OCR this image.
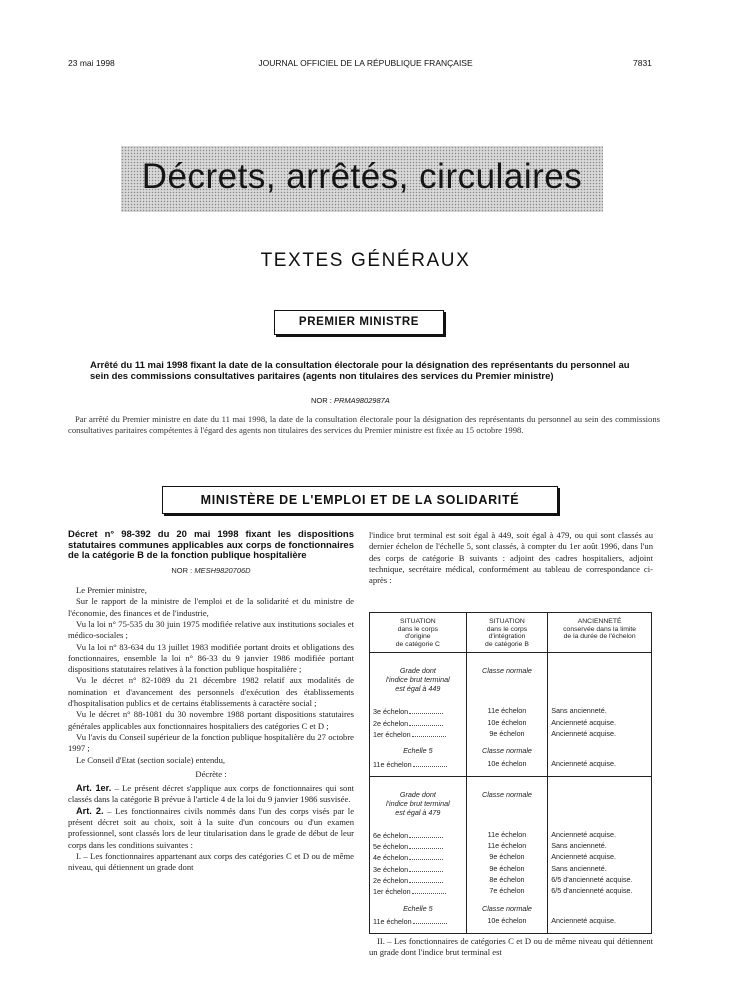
23 mai 1998	JOURNAL OFFICIEL DE LA RÉPUBLIQUE FRANÇAISE	7831
Décrets, arrêtés, circulaires
TEXTES GÉNÉRAUX
PREMIER MINISTRE
Arrêté du 11 mai 1998 fixant la date de la consultation électorale pour la désignation des représentants du personnel au sein des commissions consultatives paritaires (agents non titulaires des services du Premier ministre)
NOR : PRMA9802987A
Par arrêté du Premier ministre en date du 11 mai 1998, la date de la consultation électorale pour la désignation des représentants du personnel au sein des commissions consultatives paritaires compétentes à l'égard des agents non titulaires des services du Premier ministre est fixée au 15 octobre 1998.
MINISTÈRE DE L'EMPLOI ET DE LA SOLIDARITÉ
Décret n° 98-392 du 20 mai 1998 fixant les dispositions statutaires communes applicables aux corps de fonctionnaires de la catégorie B de la fonction publique hospitalière
NOR : MESH9820706D

Le Premier ministre,

Sur le rapport de la ministre de l'emploi et de la solidarité et du ministre de l'économie, des finances et de l'industrie,

Vu la loi n° 75-535 du 30 juin 1975 modifiée relative aux institutions sociales et médico-sociales ;

Vu la loi n° 83-634 du 13 juillet 1983 modifiée portant droits et obligations des fonctionnaires, ensemble la loi n° 86-33 du 9 janvier 1986 modifiée portant dispositions statutaires relatives à la fonction publique hospitalière ;

Vu le décret n° 82-1089 du 21 décembre 1982 relatif aux modalités de nomination et d'avancement des personnels d'exécution des établissements d'hospitalisation publics et de certains établissements à caractère social ;

Vu le décret n° 88-1081 du 30 novembre 1988 portant dispositions statutaires générales applicables aux fonctionnaires hospitaliers des catégories C et D ;

Vu l'avis du Conseil supérieur de la fonction publique hospitalière du 27 octobre 1997 ;

Le Conseil d'Etat (section sociale) entendu,

Décrète :

Art. 1er. – Le présent décret s'applique aux corps de fonctionnaires qui sont classés dans la catégorie B prévue à l'article 4 de la loi du 9 janvier 1986 susvisée.

Art. 2. – Les fonctionnaires civils nommés dans l'un des corps visés par le présent décret soit au choix, soit à la suite d'un concours ou d'un examen professionnel, sont classés lors de leur titularisation dans le grade de début de leur corps dans les conditions suivantes :

I. – Les fonctionnaires appartenant aux corps des catégories C et D ou de même niveau, qui détiennent un grade dont

l'indice brut terminal est soit égal à 449, soit égal à 479, ou qui sont classés au dernier échelon de l'échelle 5, sont classés, à compter du 1er août 1996, dans l'un des corps de catégorie B suivants : adjoint des cadres hospitaliers, adjoint technique, secrétaire médical, conformément au tableau de correspondance ci-après :

SITUATION
dans le corps
d'origine
de catégorie C	SITUATION
dans le corps
d'intégration
de catégorie B	ANCIENNETÉ
conservée dans la limite
de la durée de l'échelon
Grade dont
l'indice brut terminal
est égal à 449	Classe normale	
3e échelon	11e échelon	Sans ancienneté.
2e échelon	10e échelon	Ancienneté acquise.
1er échelon	9e échelon	Ancienneté acquise.
Echelle 5	Classe normale	
11e échelon	10e échelon	Ancienneté acquise.
Grade dont
l'indice brut terminal
est égal à 479	Classe normale	
6e échelon	11e échelon	Ancienneté acquise.
5e échelon	11e échelon	Sans ancienneté.
4e échelon	9e échelon	Ancienneté acquise.
3e échelon	9e échelon	Sans ancienneté.
2e échelon	8e échelon	6/5 d'ancienneté acquise.
1er échelon	7e échelon	6/5 d'ancienneté acquise.
Echelle 5	Classe normale	
11e échelon	10e échelon	Ancienneté acquise.

II. – Les fonctionnaires de catégories C et D ou de même niveau qui détiennent un grade dont l'indice brut terminal est
